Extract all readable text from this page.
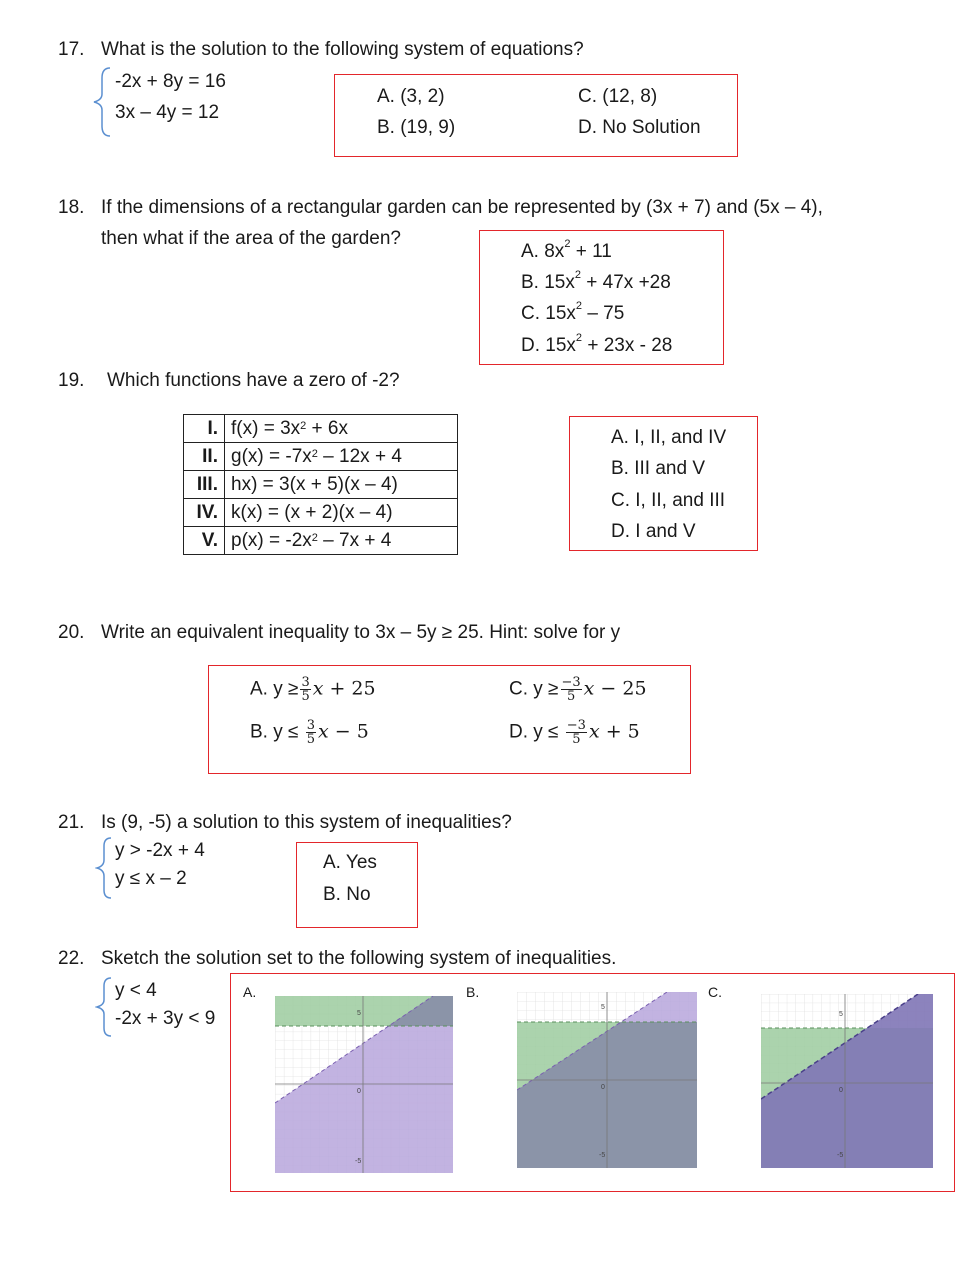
17. What is the solution to the following system of equations?
-2x + 8y = 16
3x – 4y = 12
A. (3, 2)
B. (19, 9)
C. (12, 8)
D. No Solution
18. If the dimensions of a rectangular garden can be represented by (3x + 7) and (5x – 4),
then what if the area of the garden?
A. $8x^2 + 11$
B. $15x^2 + 47x +28$
C. $15x^2 - 75$
D. $15x^2 + 23x - 28$
19. Which functions have a zero of -2?
I.	$f(x) = 3x^2 + 6x$
II.	$g(x) = -7x^2 - 12x + 4$
III.	hx) = 3(x + 5)(x – 4)
IV.	k(x) = (x + 2)(x – 4)
V.	$p(x) = -2x^2 - 7x + 4$
A. I, II, and IV
B. III and V
C. I, II, and III
D. I and V
20. Write an equivalent inequality to 3x – 5y ≥ 25. Hint: solve for y
A. $y \ge \frac{3}{5}$ x + 25
B. $y \le \frac{3}{5}$ x − 5
C. $y \ge \frac{-3}{5}$ x − 25
D. $y \le \frac{-3}{5}$ x + 5
21. Is (9, -5) a solution to this system of inequalities?
y > -2x + 4
y ≤ x – 2
A. Yes
B. No
22. Sketch the solution set to the following system of inequalities.
y < 4
-2x + 3y < 9
A.	B.	C.
5
-5
0
5
-5
0
5
-5
0
